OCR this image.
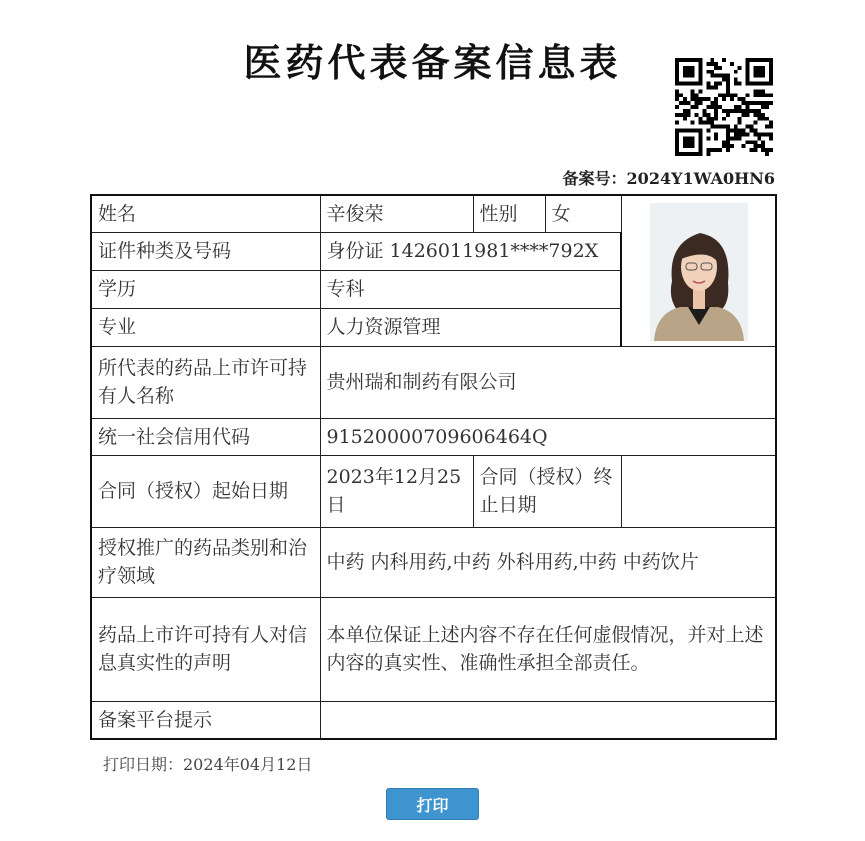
医药代表备案信息表
备案号：2024Y1WA0HN6
姓名	辛俊荣	性别	女	

证件种类及号码	身份证 1426011981****792X			
学历	专科			
专业	人力资源管理			
所代表的药品上市许可持有人名称	贵州瑞和制药有限公司			
统一社会信用代码	91520000709606464Q			
合同（授权）起始日期	2023年12月25日	合同（授权）终止日期		
授权推广的药品类别和治疗领域	中药 内科用药,中药 外科用药,中药 中药饮片			
药品上市许可持有人对信息真实性的声明	本单位保证上述内容不存在任何虚假情况，并对上述内容的真实性、准确性承担全部责任。			
备案平台提示				
打印日期：2024年04月12日
打印
